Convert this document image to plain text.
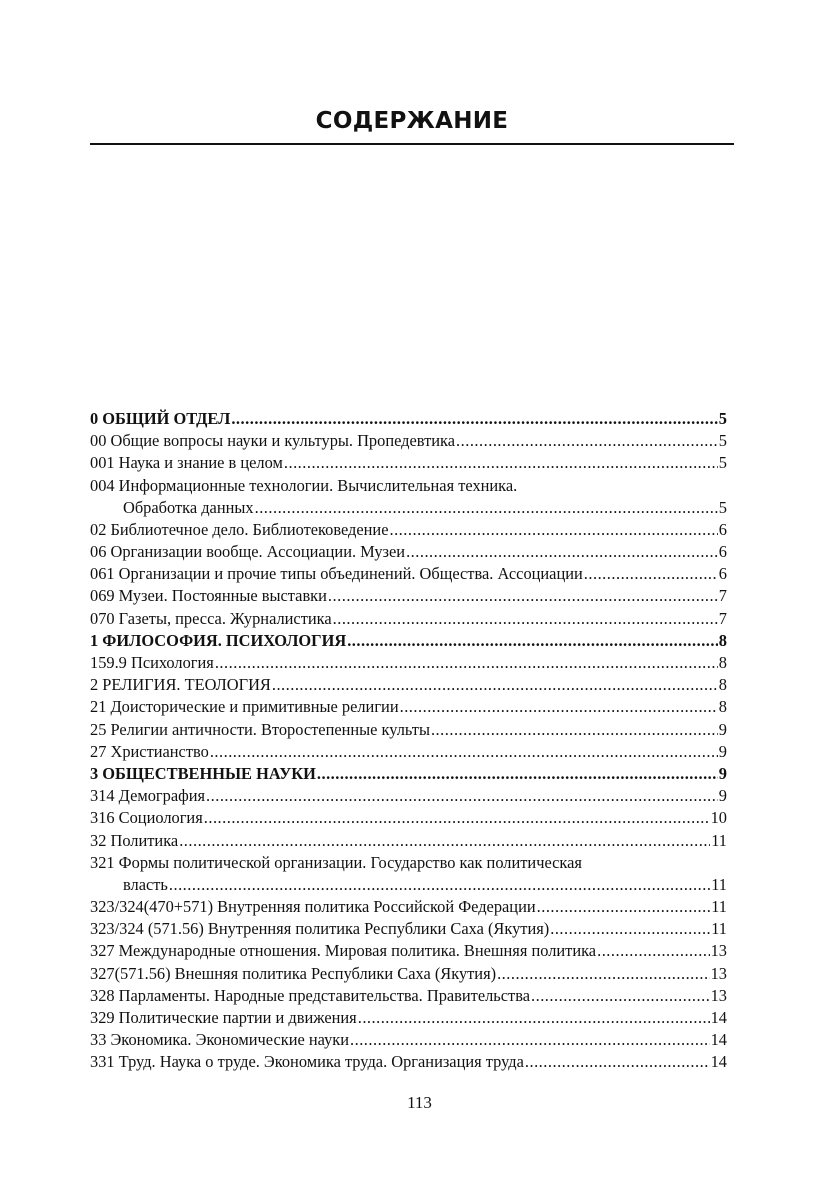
СОДЕРЖАНИЕ
0 ОБЩИЙ ОТДЕЛ .....	5
00 Общие вопросы науки и культуры. Пропедевтика .....	5
001 Наука и знание в целом .....	5
004 Информационные технологии. Вычислительная техника.
Обработка данных .....	5
02 Библиотечное дело. Библиотековедение .....	6
06 Организации вообще. Ассоциации. Музеи .....	6
061 Организации и прочие типы объединений. Общества. Ассоциации .....	6
069 Музеи. Постоянные выставки .....	7
070 Газеты, пресса. Журналистика .....	7
1 ФИЛОСОФИЯ. ПСИХОЛОГИЯ .....	8
159.9 Психология .....	8
2 РЕЛИГИЯ. ТЕОЛОГИЯ .....	8
21 Доисторические и примитивные религии .....	8
25 Религии античности. Второстепенные культы .....	9
27 Христианство .....	9
3 ОБЩЕСТВЕННЫЕ НАУКИ .....	9
314 Демография .....	9
316 Социология .....	10
32 Политика .....	11
321 Формы политической организации. Государство как политическая
власть .....	11
323/324(470+571) Внутренняя политика Российской Федерации .....	11
323/324 (571.56) Внутренняя политика Республики Саха (Якутия) .....	11
327 Международные отношения. Мировая политика. Внешняя политика .....	13
327(571.56) Внешняя политика Республики Саха (Якутия) .....	13
328 Парламенты. Народные представительства. Правительства .....	13
329 Политические партии и движения .....	14
33 Экономика. Экономические науки .....	14
331 Труд. Наука о труде. Экономика труда. Организация труда .....	14
113
